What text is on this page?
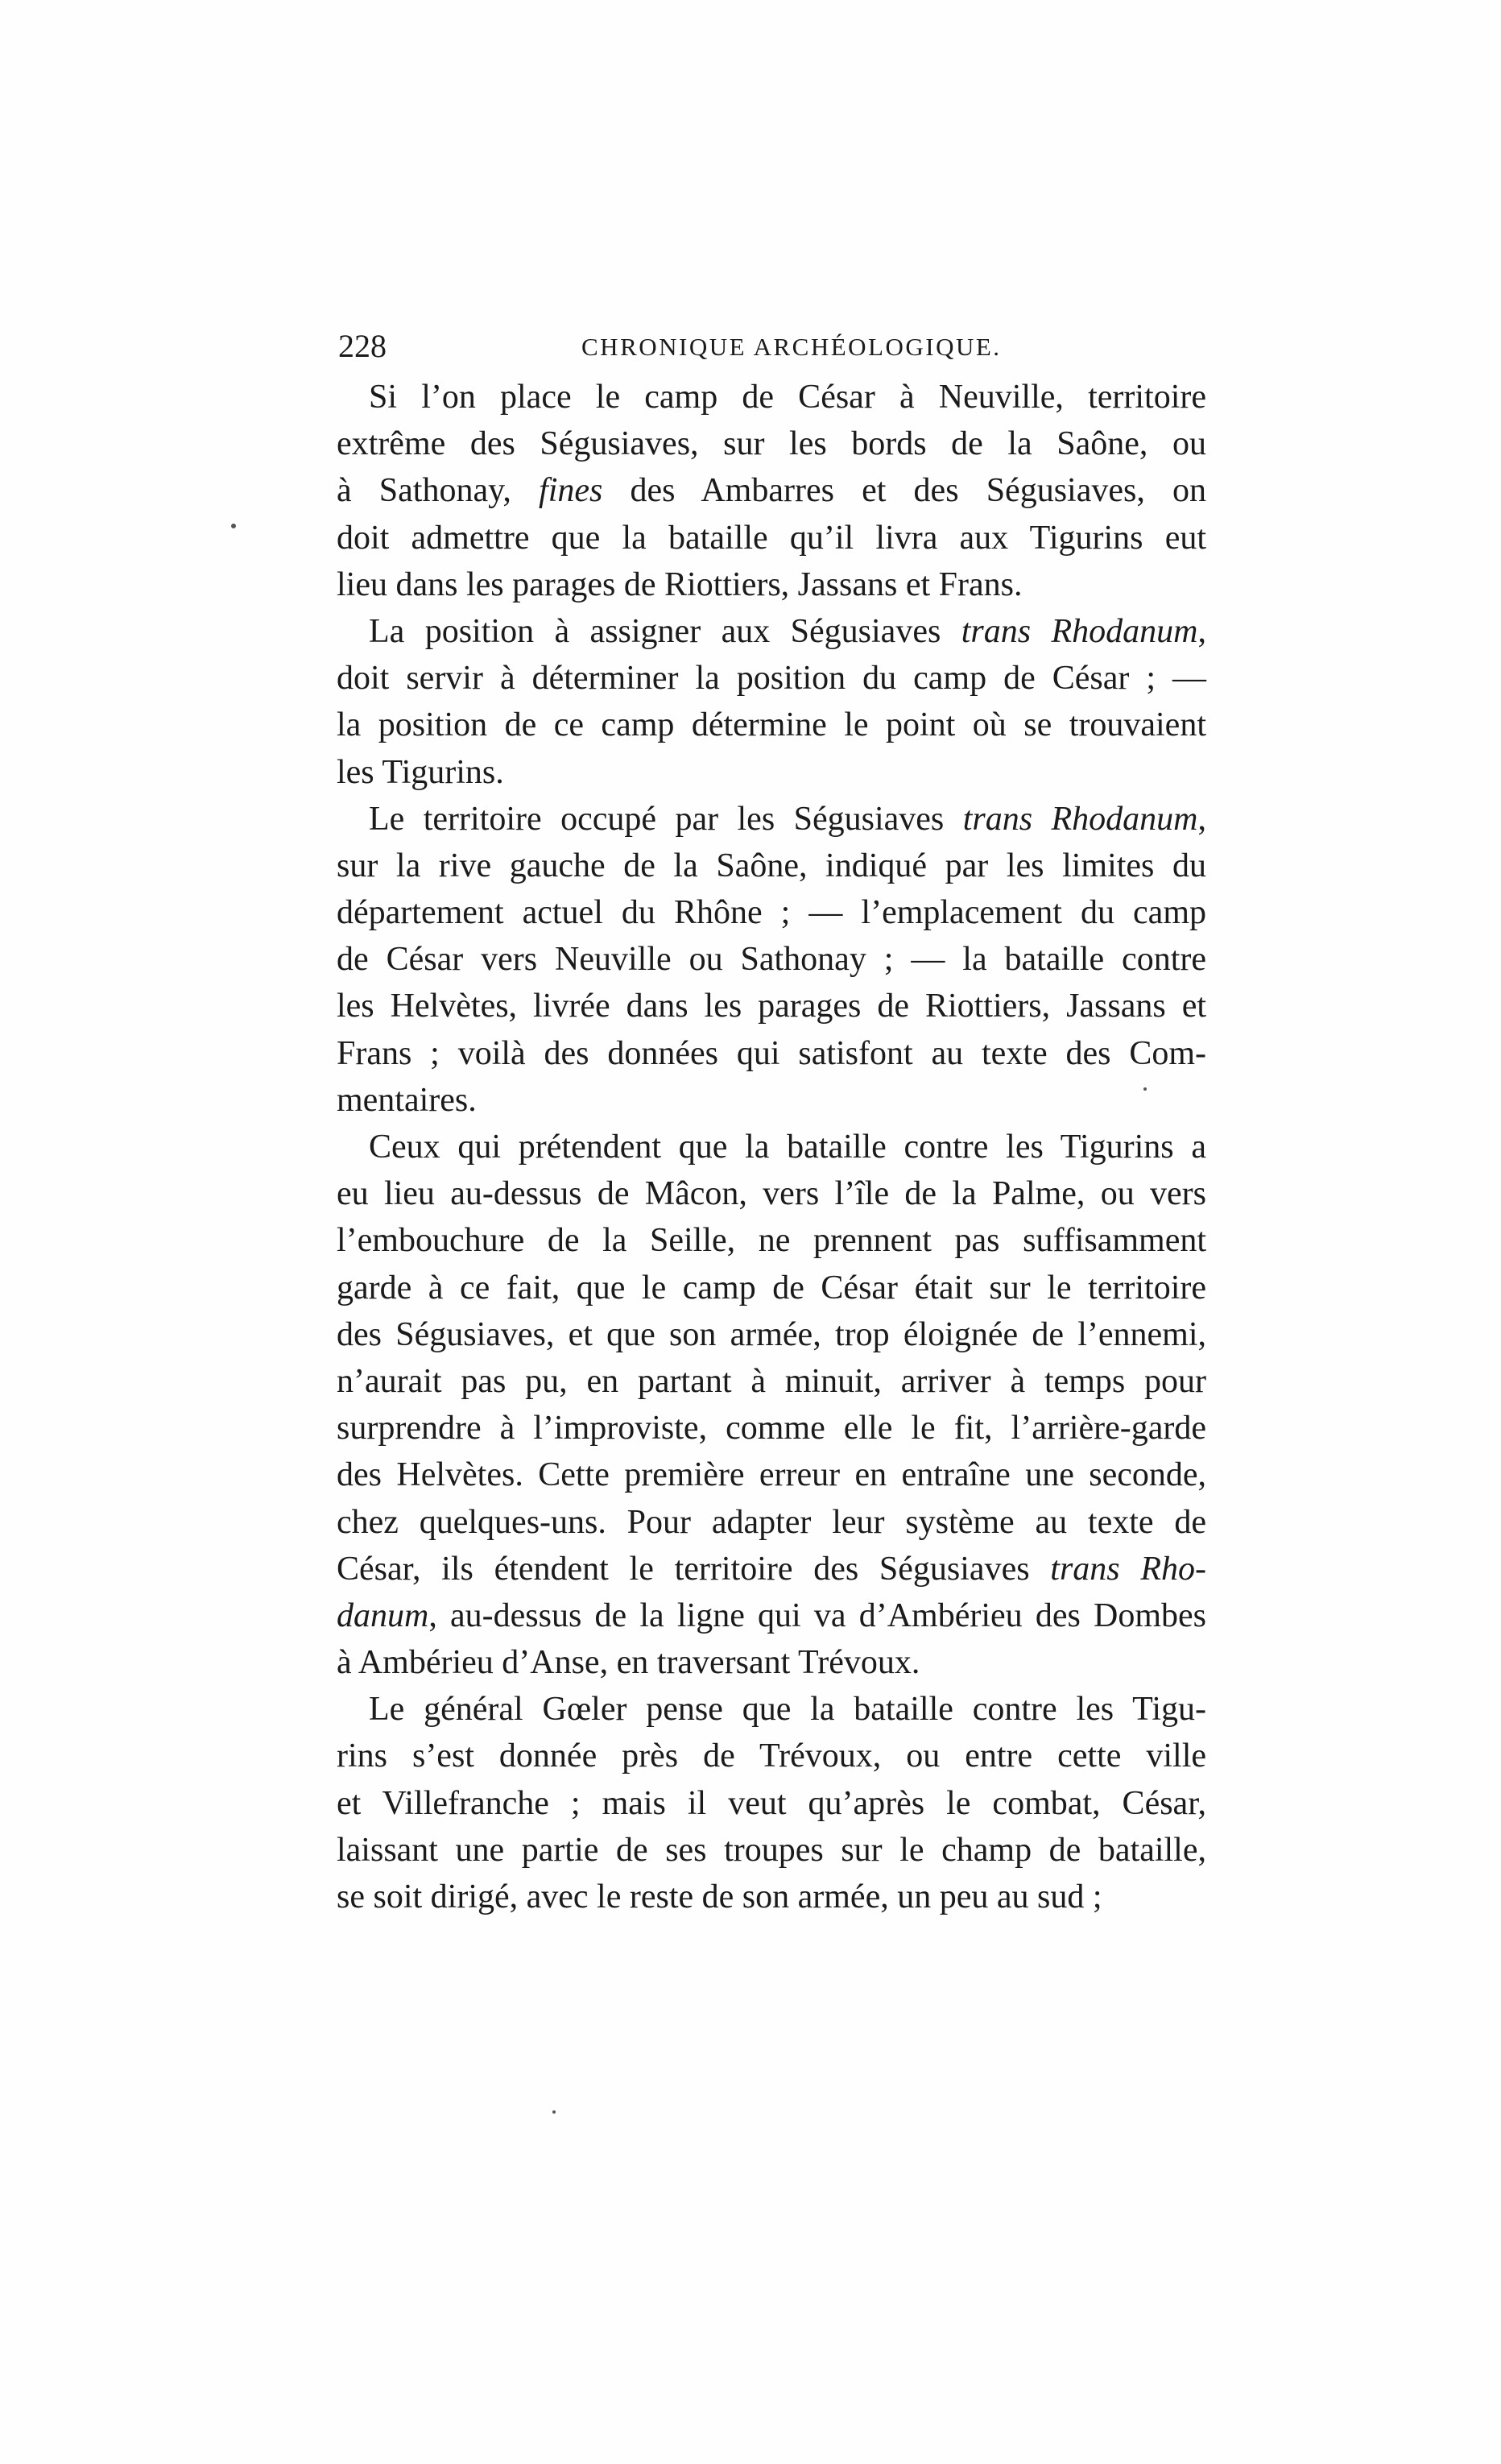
228	CHRONIQUE ARCHÉOLOGIQUE.
Si l’on place le camp de César à Neuville, territoire
extrême des Ségusiaves, sur les bords de la Saône, ou
à Sathonay, fines des Ambarres et des Ségusiaves, on
doit admettre que la bataille qu’il livra aux Tigurins eut
lieu dans les parages de Riottiers, Jassans et Frans.
La position à assigner aux Ségusiaves trans Rhodanum,
doit servir à déterminer la position du camp de César ; —
la position de ce camp détermine le point où se trouvaient
les Tigurins.
Le territoire occupé par les Ségusiaves trans Rhodanum,
sur la rive gauche de la Saône, indiqué par les limites du
département actuel du Rhône ; — l’emplacement du camp
de César vers Neuville ou Sathonay ; — la bataille contre
les Helvètes, livrée dans les parages de Riottiers, Jassans et
Frans ; voilà des données qui satisfont au texte des Com-
mentaires.
Ceux qui prétendent que la bataille contre les Tigurins a
eu lieu au-dessus de Mâcon, vers l’île de la Palme, ou vers
l’embouchure de la Seille, ne prennent pas suffisamment
garde à ce fait, que le camp de César était sur le territoire
des Ségusiaves, et que son armée, trop éloignée de l’ennemi,
n’aurait pas pu, en partant à minuit, arriver à temps pour
surprendre à l’improviste, comme elle le fit, l’arrière-garde
des Helvètes. Cette première erreur en entraîne une seconde,
chez quelques-uns. Pour adapter leur système au texte de
César, ils étendent le territoire des Ségusiaves trans Rho-
danum, au-dessus de la ligne qui va d’Ambérieu des Dombes
à Ambérieu d’Anse, en traversant Trévoux.
Le général Gœler pense que la bataille contre les Tigu-
rins s’est donnée près de Trévoux, ou entre cette ville
et Villefranche ; mais il veut qu’après le combat, César,
laissant une partie de ses troupes sur le champ de bataille,
se soit dirigé, avec le reste de son armée, un peu au sud ;
